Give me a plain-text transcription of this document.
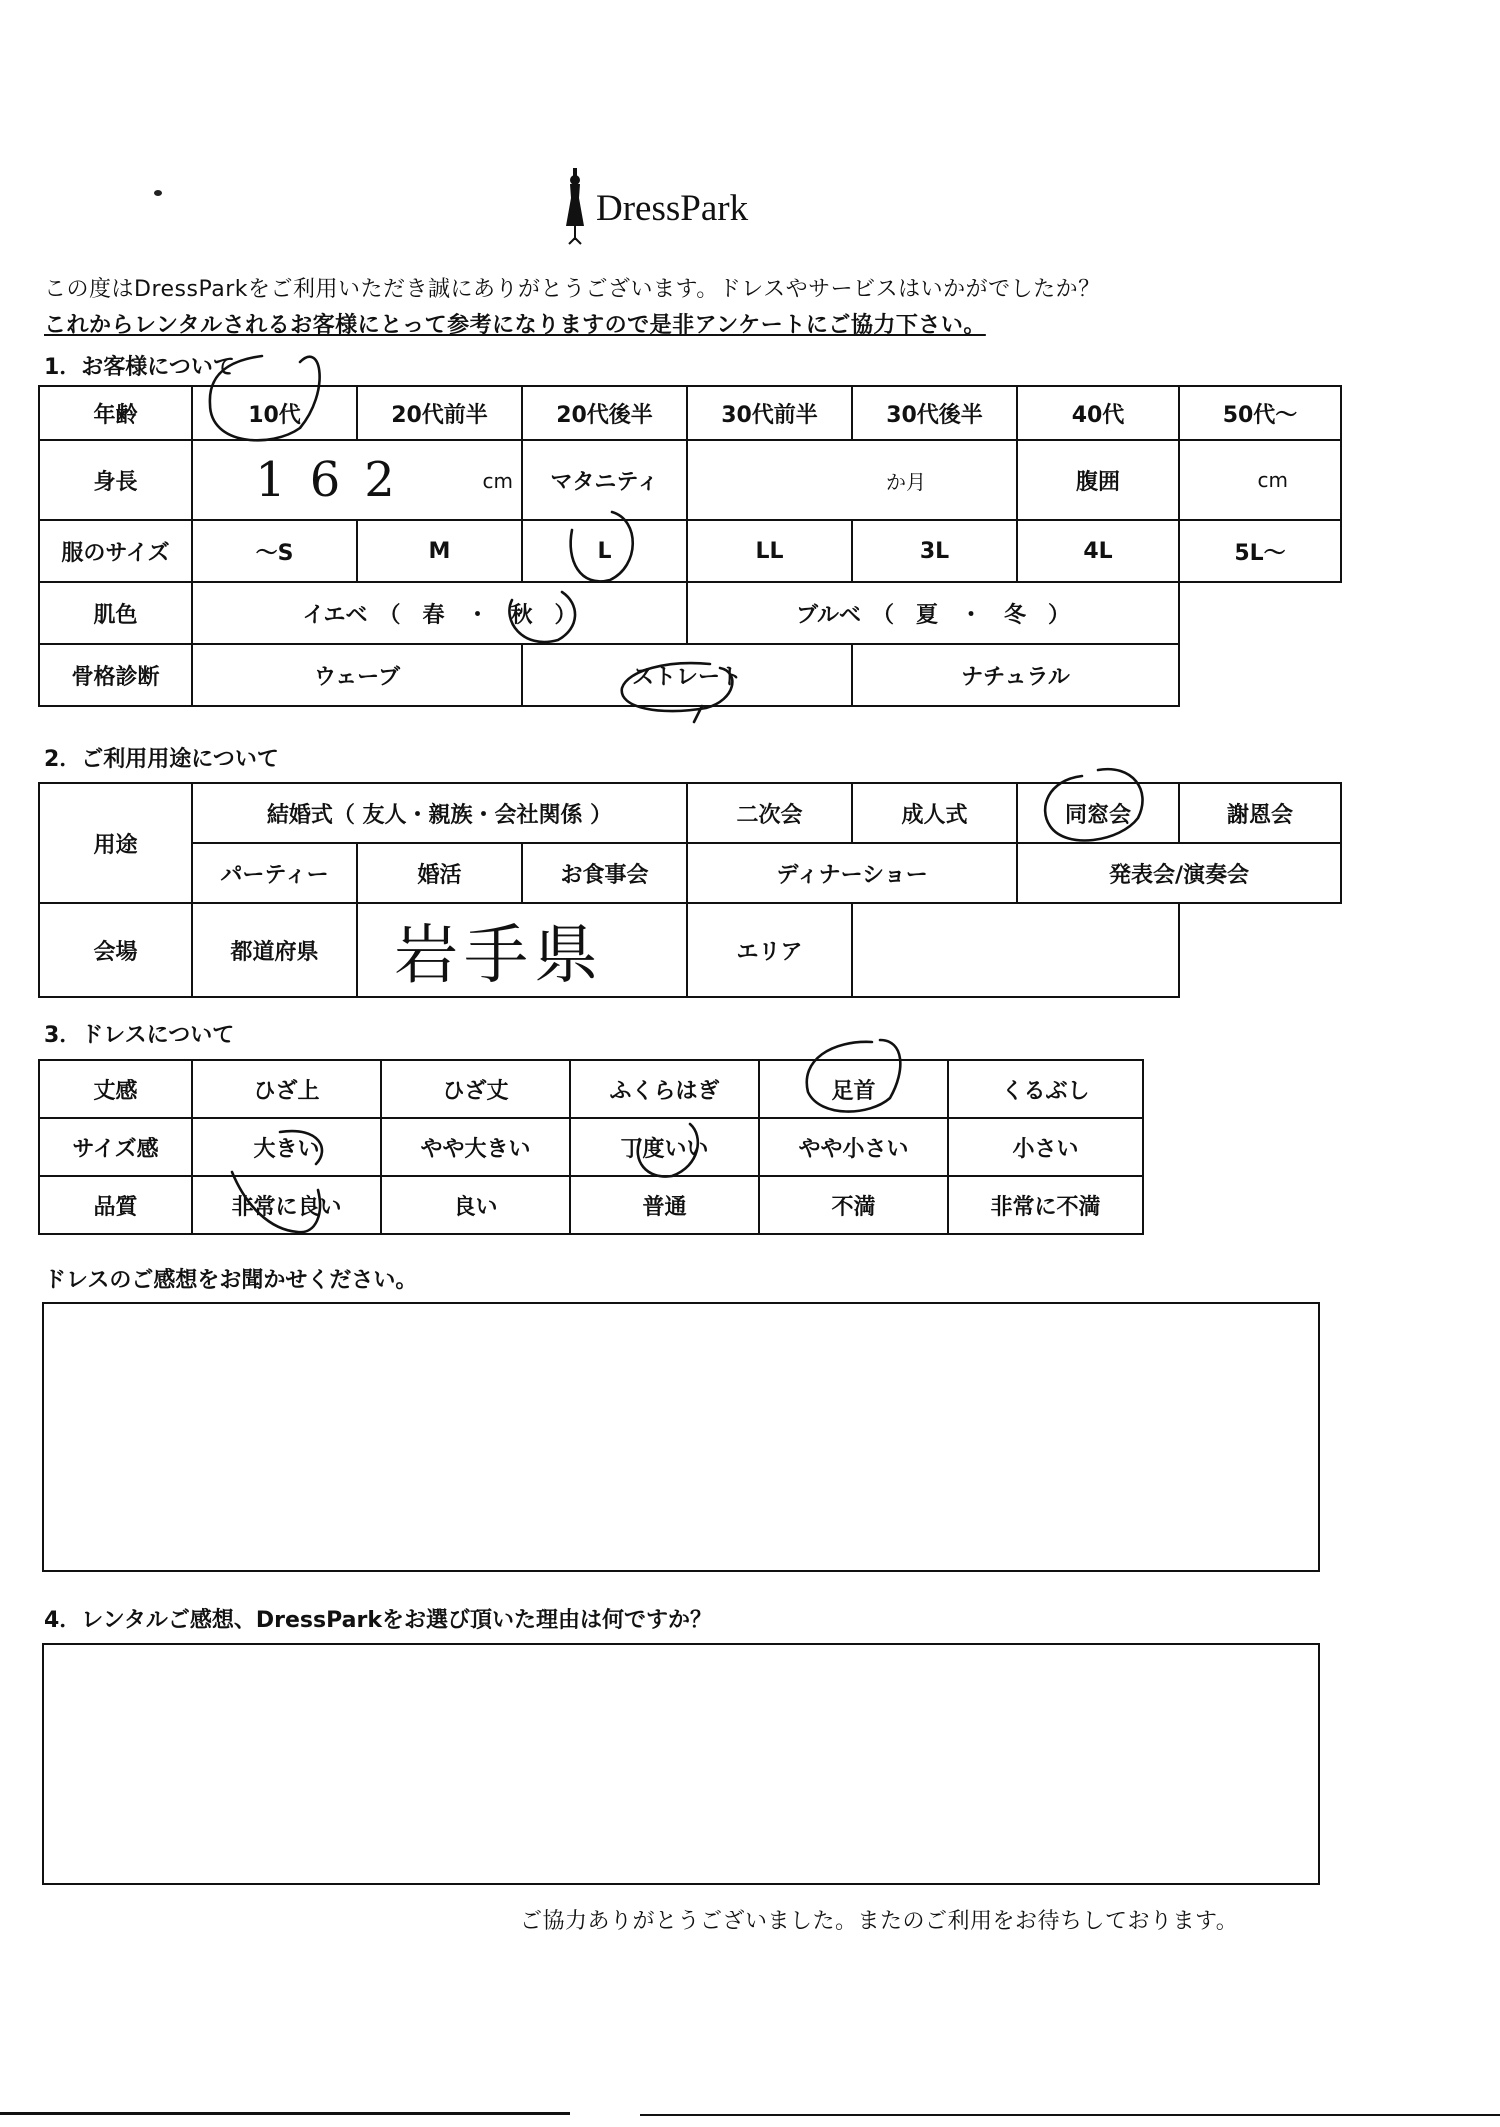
DressPark
この度はDressParkをご利用いただき誠にありがとうございます。ドレスやサービスはいかがでしたか？
これからレンタルされるお客様にとって参考になりますので是非アンケートにご協力下さい。
1．お客様について
年齢	10代	20代前半	20代後半	30代前半	30代後半	40代	50代〜
身長	162 cm		マタニティ	か月		腹囲	cm
服のサイズ	〜S	M	L	LL	3L	4L	5L〜
肌色	イエベ　（　春　・　秋　）			ブルベ　（　夏　・　冬　）			
骨格診断	ウェーブ		ストレート		ナチュラル		
2．ご利用用途について
用途	結婚式（ 友人・親族・会社関係 ）			二次会	成人式	同窓会	謝恩会
	パーティー	婚活	お食事会	ディナーショー		発表会/演奏会	
会場	都道府県	岩手県		エリア			
3．ドレスについて
丈感	ひざ上	ひざ丈	ふくらはぎ	足首	くるぶし
サイズ感	大きい	やや大きい	丁度いい	やや小さい	小さい
品質	非常に良い	良い	普通	不満	非常に不満
ドレスのご感想をお聞かせください。
4．レンタルご感想、DressParkをお選び頂いた理由は何ですか？
ご協力ありがとうございました。またのご利用をお待ちしております。
